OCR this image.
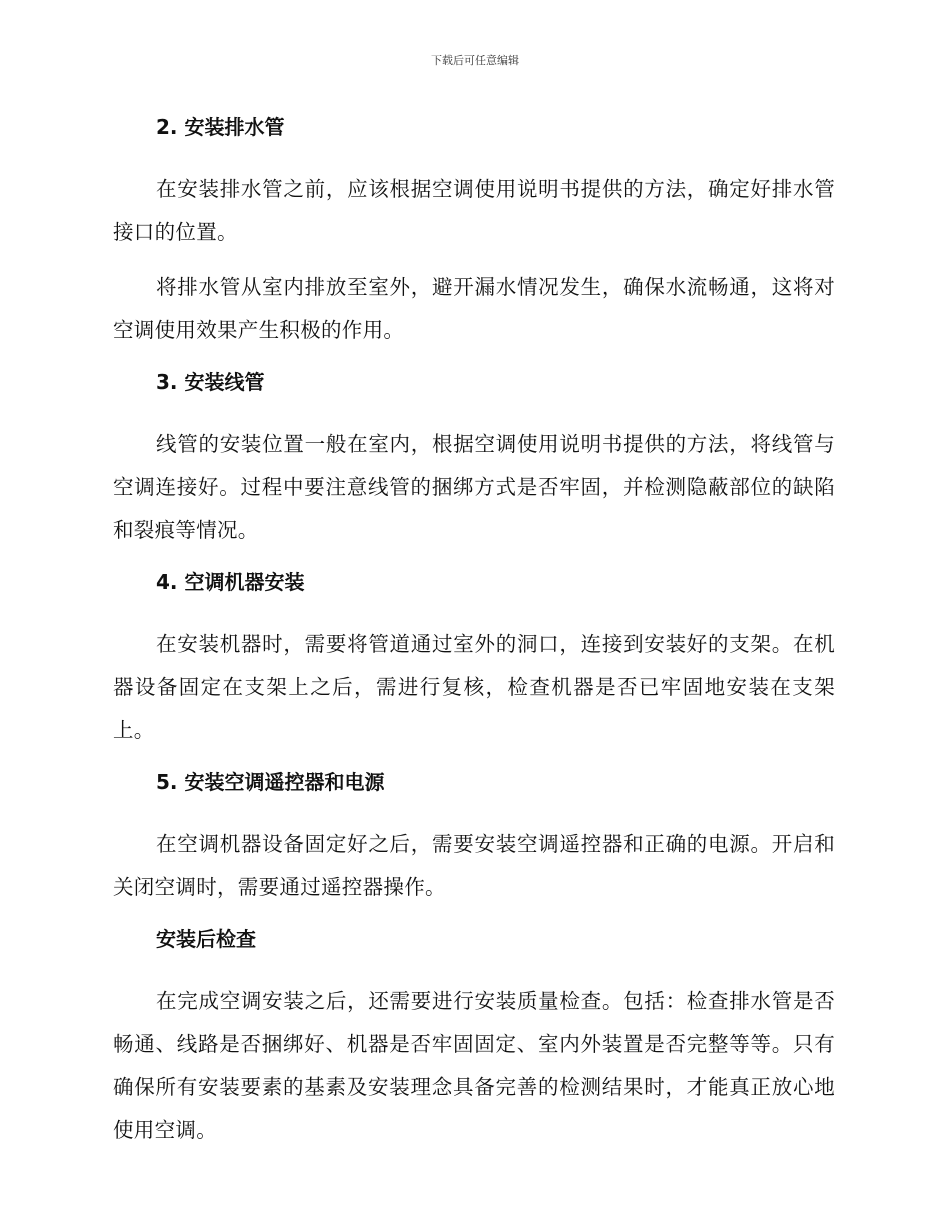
下载后可任意编辑
2. 安装排水管

在安装排水管之前，应该根据空调使用说明书提供的方法，确定好排水管接口的位置。

将排水管从室内排放至室外，避开漏水情况发生，确保水流畅通，这将对空调使用效果产生积极的作用。

3. 安装线管

线管的安装位置一般在室内，根据空调使用说明书提供的方法，将线管与空调连接好。过程中要注意线管的捆绑方式是否牢固，并检测隐蔽部位的缺陷和裂痕等情况。

4. 空调机器安装

在安装机器时，需要将管道通过室外的洞口，连接到安装好的支架。在机器设备固定在支架上之后，需进行复核，检查机器是否已牢固地安装在支架上。

5. 安装空调遥控器和电源

在空调机器设备固定好之后，需要安装空调遥控器和正确的电源。开启和关闭空调时，需要通过遥控器操作。

安装后检查

在完成空调安装之后，还需要进行安装质量检查。包括：检查排水管是否畅通、线路是否捆绑好、机器是否牢固固定、室内外装置是否完整等等。只有确保所有安装要素的基素及安装理念具备完善的检测结果时，才能真正放心地使用空调。
